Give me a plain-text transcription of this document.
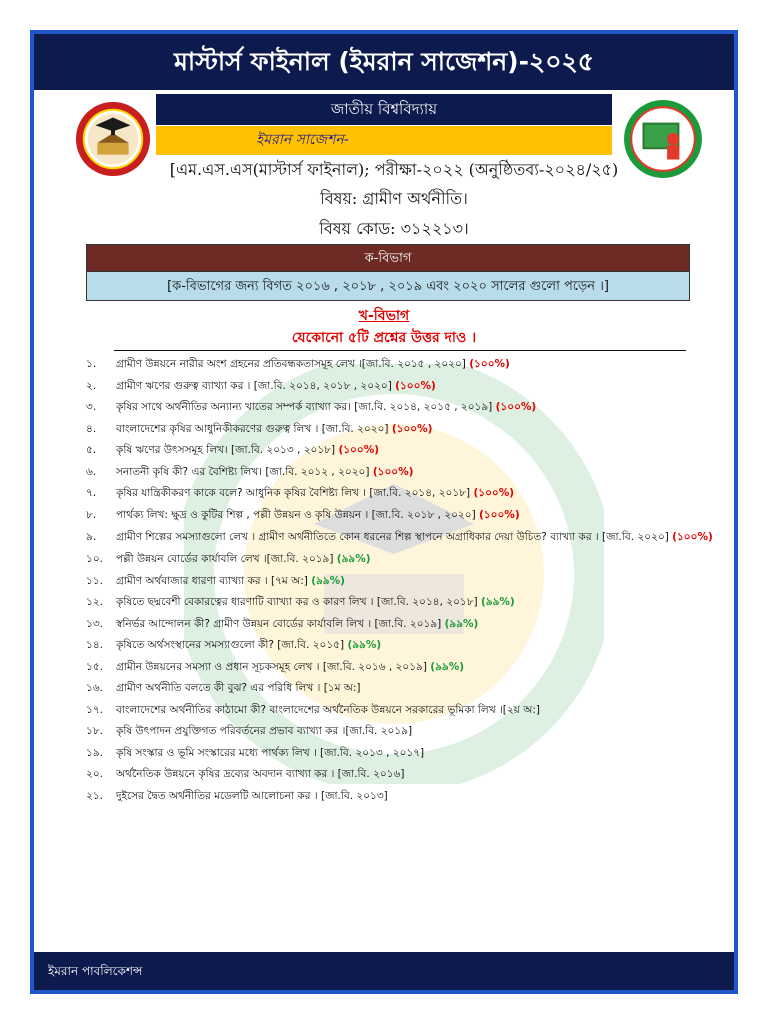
মাস্টার্স ফাইনাল (ইমরান সাজেশন)-২০২৫
জাতীয় বিশ্ববিদ্যায়
ইমরান সাজেশন-
[এম.এস.এস(মাস্টার্স ফাইনাল); পরীক্ষা-২০২২ (অনুষ্ঠিতব্য-২০২৪/২৫)
বিষয়: গ্রামীণ অর্থনীতি।
বিষয় কোড: ৩১২২১৩।
ক-বিভাগ
[ক-বিভাগের জন্য বিগত ২০১৬ , ২০১৮ , ২০১৯ এবং ২০২০ সালের গুলো পড়েন ।]
খ-বিভাগ
যেকোনো ৫টি প্রশ্নের উত্তর দাও ।
১. গ্রামীণ উন্নয়নে নারীর অংশ গ্রহনের প্রতিবন্ধকতাসমূহ লেখ ।[জা.বি. ২০১৫ , ২০২০] (১০০%)
২. গ্রামীণ ঋণের গুরুত্ব ব্যাখ্যা কর । [জা.বি. ২০১৪, ২০১৮ , ২০২০] (১০০%)
৩. কৃষির সাথে অর্থনীতির অন্যান্য খাতের সম্পর্ক ব্যাখ্যা কর। [জা.বি. ২০১৪, ২০১৫ , ২০১৯] (১০০%)
৪. বাংলাদেশের কৃষির আধুনিকীকরণের গুরুত্ব লিখ । [জা.বি. ২০২০] (১০০%)
৫. কৃষি ঋণের উৎসসমূহ লিখ। [জা.বি. ২০১৩ , ২০১৮] (১০০%)
৬. সনাতনী কৃষি কী? এর বৈশিষ্ট্য লিখ। [জা.বি. ২০১২ , ২০২০] (১০০%)
৭. কৃষির যান্ত্রিকীকরণ কাকে বলে? আধুনিক কৃষির বৈশিষ্ট্য লিখ । [জা.বি. ২০১৪, ২০১৮] (১০০%)
৮. পার্থক্য লিখ: ক্ষুদ্র ও কুটির শিল্প , পল্লী উন্নয়ন ও কৃষি উন্নয়ন । [জা.বি. ২০১৮ , ২০২০] (১০০%)
৯. গ্রামীণ শিল্পের সমস্যাগুলো লেখ । গ্রামীণ অর্থনীতিতে কোন ধরনের শিল্প স্থাপনে অগ্রাধিকার দেয়া উচিত? ব্যাখ্যা কর । [জা.বি. ২০২০] (১০০%)
১০. পল্লী উন্নয়ন বোর্ডের কার্যাবলি লেখ ।[জা.বি. ২০১৯] (৯৯%)
১১. গ্রামীণ অর্থবাজার ধারণা ব্যাখ্যা কর । [৭ম অ:] (৯৯%)
১২. কৃষিতে ছদ্মবেশী বেকারত্বের ধারণাটি ব্যাখ্যা কর ও কারণ লিখ । [জা.বি. ২০১৪, ২০১৮] (৯৯%)
১৩. স্বনির্ভর আন্দোলন কী? গ্রামীণ উন্নয়ন বোর্ডের কার্যাবলি লিখ । [জা.বি. ২০১৯] (৯৯%)
১৪. কৃষিতে অর্থসংস্থানের সমস্যাগুলো কী? [জা.বি. ২০১৫] (৯৯%)
১৫. গ্রামীন উন্নয়নের সমস্যা ও প্রধান সূচকসমূহ লেখ । [জা.বি. ২০১৬ , ২০১৯] (৯৯%)
১৬. গ্রামীণ অর্থনীতি বলতে কী বুঝ? এর পরিধি লিখ । [১ম অ:]
১৭. বাংলাদেশের অর্থনীতির কাঠামো কী? বাংলাদেশের অর্থনৈতিক উন্নয়নে সরকারের ভূমিকা লিখ ।[২য় অ:]
১৮. কৃষি উৎপাদন প্রযুক্তিগত পরিবর্তনের প্রভাব ব্যাখ্যা কর ।[জা.বি. ২০১৯]
১৯. কৃষি সংস্কার ও ভূমি সংস্কারের মধ্যে পার্থক্য লিখ । [জা.বি. ২০১৩ , ২০১৭]
২০. অর্থনৈতিক উন্নয়নে কৃষির দ্রব্যের অবদান ব্যাখ্যা কর । [জা.বি. ২০১৬]
২১. দুইসের দ্বৈত অর্থনীতির মডেলটি আলোচনা কর । [জা.বি. ২০১৩]
ইমরান পাবলিকেশন্স
